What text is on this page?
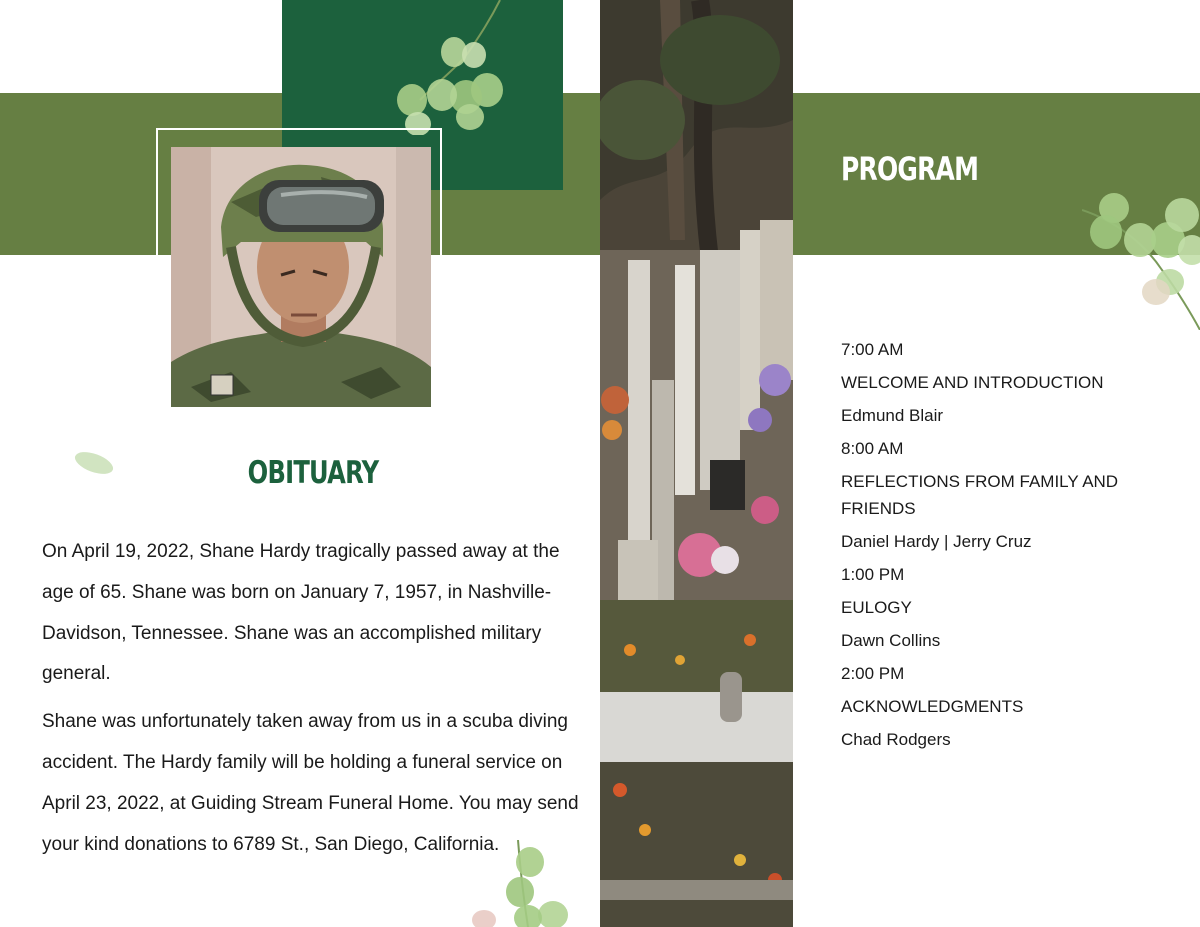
OBITUARY

On April 19, 2022, Shane Hardy tragically passed away at the age of 65. Shane was born on January 7, 1957, in Nashville-Davidson, Tennessee. Shane was an accomplished military general.

Shane was unfortunately taken away from us in a scuba diving accident. The Hardy family will be holding a funeral service on April 23, 2022, at Guiding Stream Funeral Home. You may send your kind donations to 6789 St., San Diego, California.

PROGRAM
7:00 AM
WELCOME AND INTRODUCTION
Edmund Blair
8:00 AM
REFLECTIONS FROM FAMILY AND FRIENDS
Daniel Hardy | Jerry Cruz
1:00 PM
EULOGY
Dawn Collins
2:00 PM
ACKNOWLEDGMENTS
Chad Rodgers
